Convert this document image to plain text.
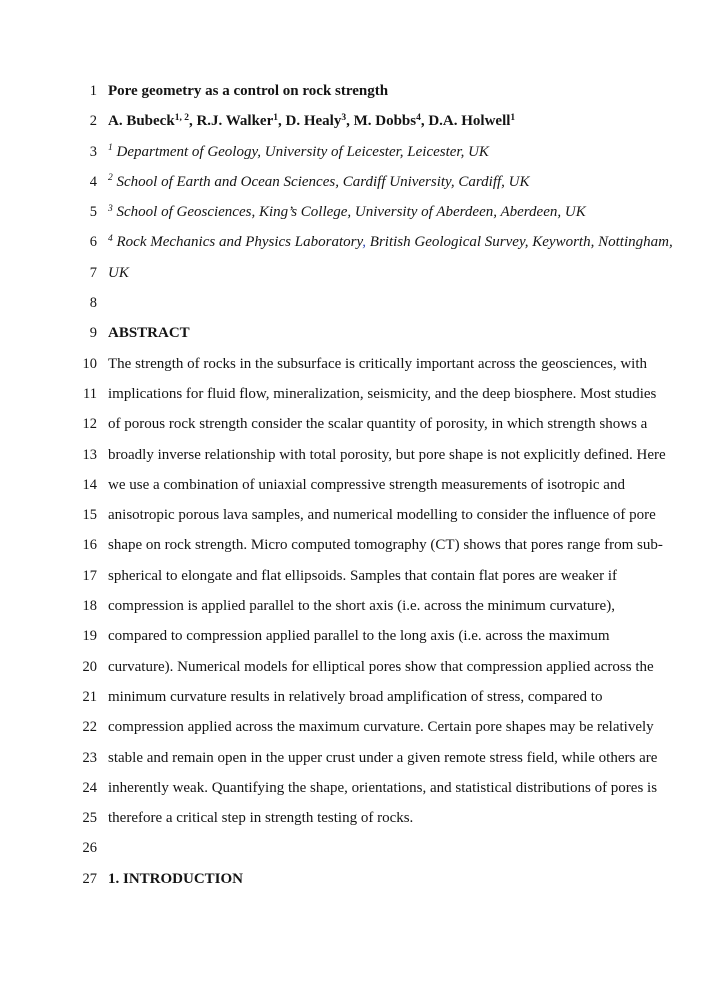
1 Pore geometry as a control on rock strength
2 A. Bubeck$^{1, 2}$, R.J. Walker$^1$, D. Healy$^3$, M. Dobbs$^4$, D.A. Holwell$^1$
3 $^1$ Department of Geology, University of Leicester, Leicester, UK
4 $^2$ School of Earth and Ocean Sciences, Cardiff University, Cardiff, UK
5 $^3$ School of Geosciences, King’s College, University of Aberdeen, Aberdeen, UK
6 $^4$ Rock Mechanics and Physics Laboratory, British Geological Survey, Keyworth, Nottingham,
7 UK
8
9 ABSTRACT
10 The strength of rocks in the subsurface is critically important across the geosciences, with
11 implications for fluid flow, mineralization, seismicity, and the deep biosphere. Most studies
12 of porous rock strength consider the scalar quantity of porosity, in which strength shows a
13 broadly inverse relationship with total porosity, but pore shape is not explicitly defined. Here
14 we use a combination of uniaxial compressive strength measurements of isotropic and
15 anisotropic porous lava samples, and numerical modelling to consider the influence of pore
16 shape on rock strength. Micro computed tomography (CT) shows that pores range from sub-
17 spherical to elongate and flat ellipsoids. Samples that contain flat pores are weaker if
18 compression is applied parallel to the short axis (i.e. across the minimum curvature),
19 compared to compression applied parallel to the long axis (i.e. across the maximum
20 curvature). Numerical models for elliptical pores show that compression applied across the
21 minimum curvature results in relatively broad amplification of stress, compared to
22 compression applied across the maximum curvature. Certain pore shapes may be relatively
23 stable and remain open in the upper crust under a given remote stress field, while others are
24 inherently weak. Quantifying the shape, orientations, and statistical distributions of pores is
25 therefore a critical step in strength testing of rocks.
26
27 1. INTRODUCTION
